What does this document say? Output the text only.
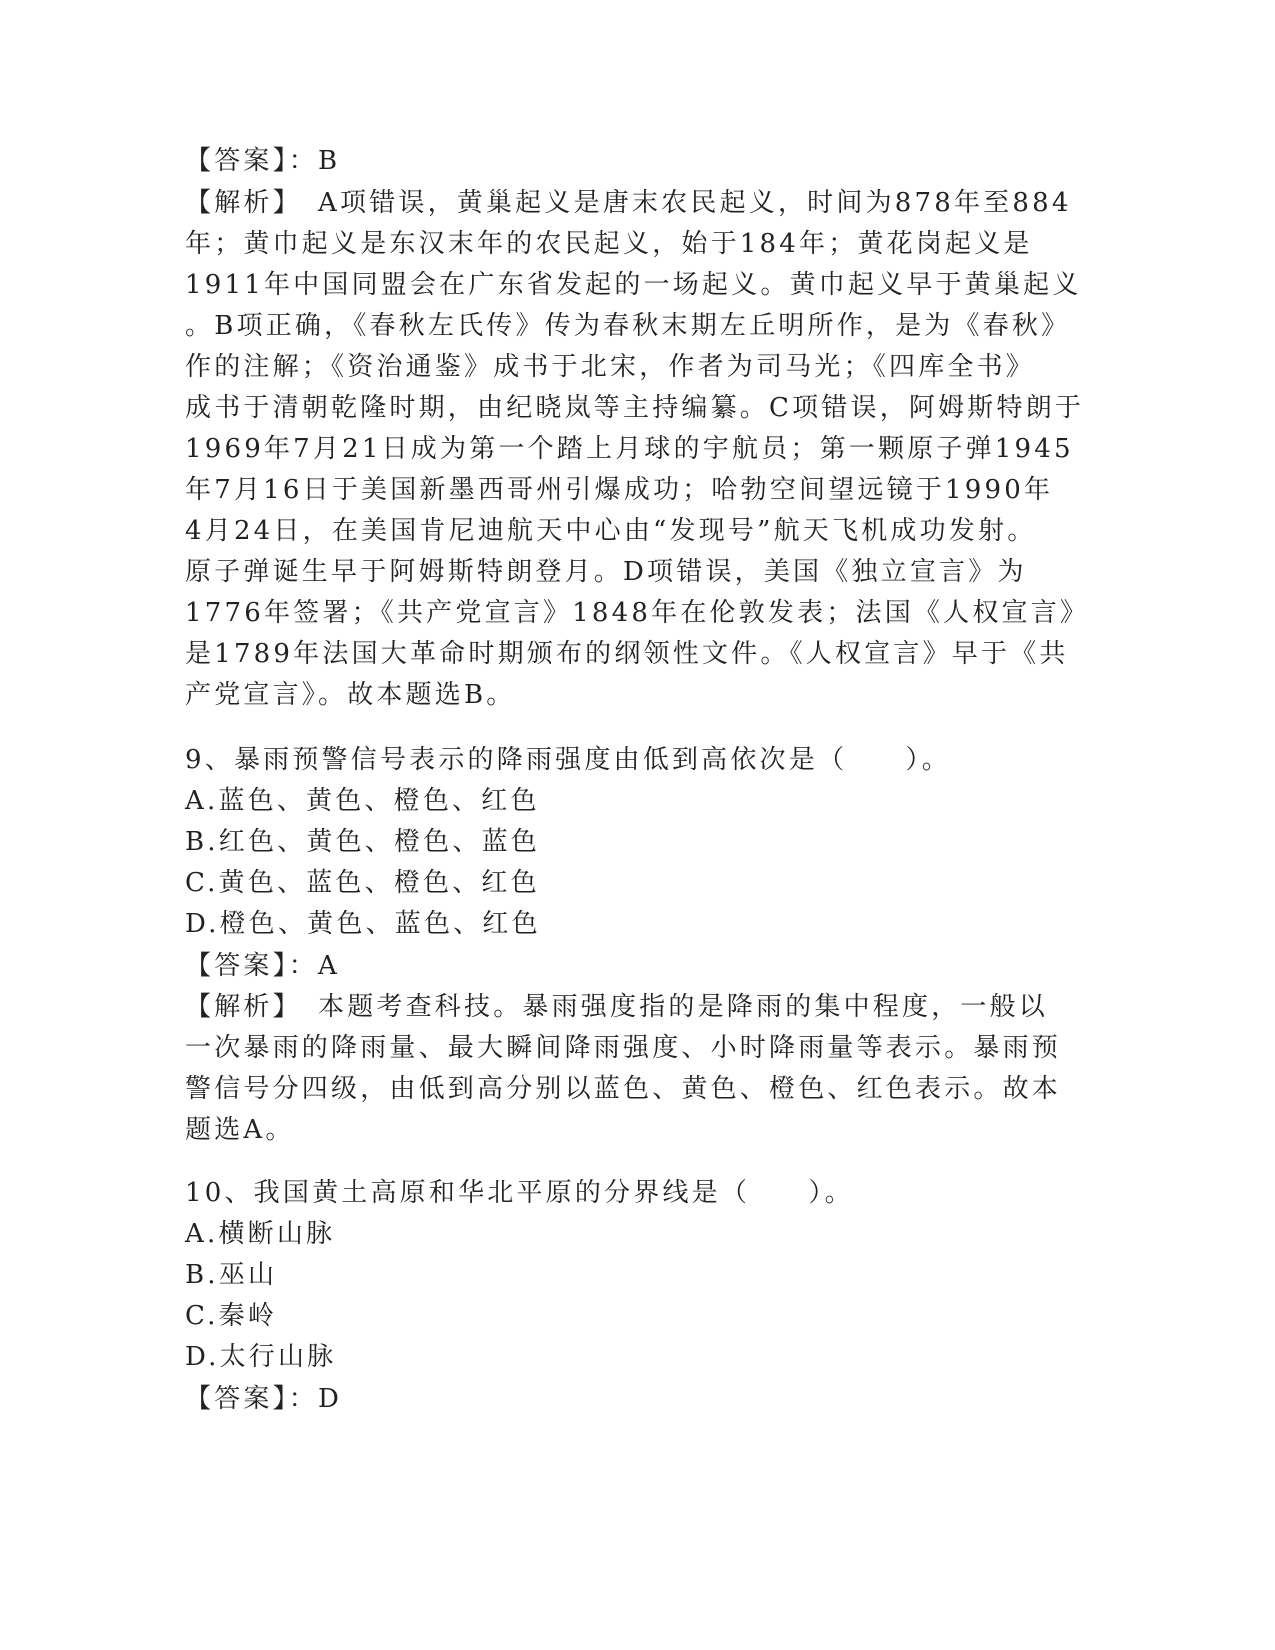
【答案】：B
【解析】　A项错误，黄巢起义是唐末农民起义，时间为878年至884
年；黄巾起义是东汉末年的农民起义，始于184年；黄花岗起义是
1911年中国同盟会在广东省发起的一场起义。黄巾起义早于黄巢起义
。B项正确，《春秋左氏传》传为春秋末期左丘明所作，是为《春秋》
作的注解；《资治通鉴》成书于北宋，作者为司马光；《四库全书》
成书于清朝乾隆时期，由纪晓岚等主持编纂。C项错误，阿姆斯特朗于
1969年7月21日成为第一个踏上月球的宇航员；第一颗原子弹1945
年7月16日于美国新墨西哥州引爆成功；哈勃空间望远镜于1990年
4月24日，在美国肯尼迪航天中心由“发现号”航天飞机成功发射。
原子弹诞生早于阿姆斯特朗登月。D项错误，美国《独立宣言》为
1776年签署；《共产党宣言》1848年在伦敦发表；法国《人权宣言》
是1789年法国大革命时期颁布的纲领性文件。《人权宣言》早于《共
产党宣言》。故本题选B。
9、暴雨预警信号表示的降雨强度由低到高依次是（　　）。
A.蓝色、黄色、橙色、红色
B.红色、黄色、橙色、蓝色
C.黄色、蓝色、橙色、红色
D.橙色、黄色、蓝色、红色
【答案】：A
【解析】　本题考查科技。暴雨强度指的是降雨的集中程度，一般以
一次暴雨的降雨量、最大瞬间降雨强度、小时降雨量等表示。暴雨预
警信号分四级，由低到高分别以蓝色、黄色、橙色、红色表示。故本
题选A。
10、我国黄土高原和华北平原的分界线是（　　）。
A.横断山脉
B.巫山
C.秦岭
D.太行山脉
【答案】：D
